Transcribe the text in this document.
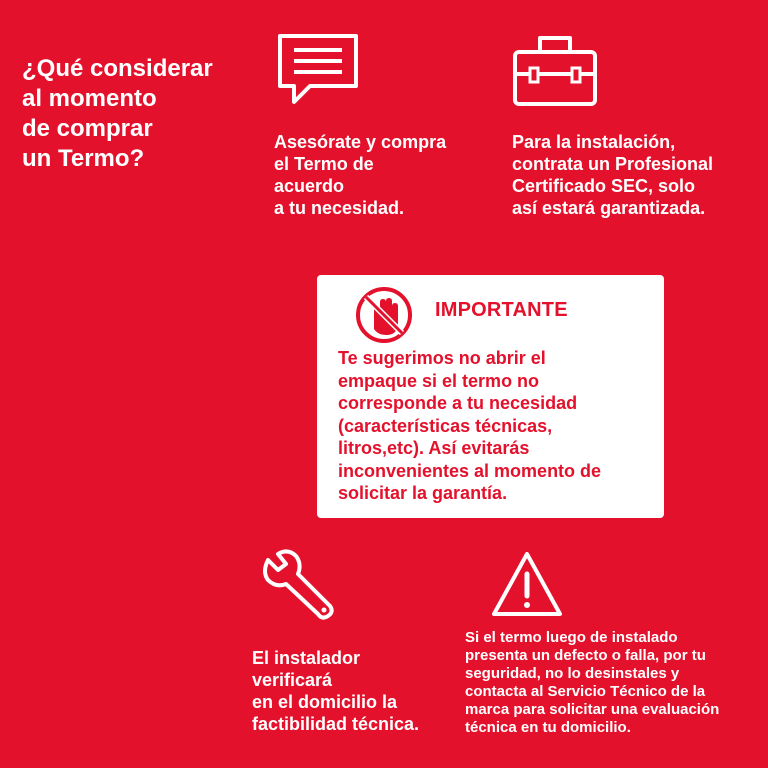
¿Qué considerar
al momento
de comprar
un Termo?
Asesórate y compra
el Termo de
acuerdo
a tu necesidad.
Para la instalación,
contrata un Profesional
Certificado SEC, solo
así estará garantizada.
IMPORTANTE
Te sugerimos no abrir el
empaque si el termo no
corresponde a tu necesidad
(características técnicas,
litros,etc). Así evitarás
inconvenientes al momento de
solicitar la garantía.
El instalador
verificará
en el domicilio la
factibilidad técnica.
Si el termo luego de instalado
presenta un defecto o falla, por tu
seguridad, no lo desinstales y
contacta al Servicio Técnico de la
marca para solicitar una evaluación
técnica en tu domicilio.
